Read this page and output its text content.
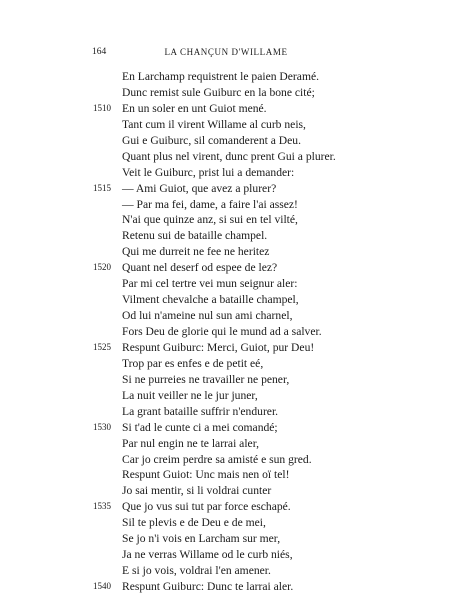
164	LA CHANÇUN D'WILLAME
En Larchamp requistrent le paien Deramé.
Dunc remist sule Guiburc en la bone cité;
1510 En un soler en unt Guiot mené.
Tant cum il virent Willame al curb neis,
Gui e Guiburc, sil comanderent a Deu.
Quant plus nel virent, dunc prent Gui a plurer.
Veit le Guiburc, prist lui a demander:
1515 — Ami Guiot, que avez a plurer?
— Par ma fei, dame, a faire l'ai assez!
N'ai que quinze anz, si sui en tel vilté,
Retenu sui de bataille champel.
Qui me durreit ne fee ne heritez
1520 Quant nel deserf od espee de lez?
Par mi cel tertre vei mun seignur aler:
Vilment chevalche a bataille champel,
Od lui n'ameine nul sun ami charnel,
Fors Deu de glorie qui le mund ad a salver.
1525 Respunt Guiburc: Merci, Guiot, pur Deu!
Trop par es enfes e de petit eé,
Si ne purreies ne travailler ne pener,
La nuit veiller ne le jur juner,
La grant bataille suffrir n'endurer.
1530 Si t'ad le cunte ci a mei comandé;
Par nul engin ne te larrai aler,
Car jo creim perdre sa amisté e sun gred.
Respunt Guiot: Unc mais nen oï tel!
Jo sai mentir, si li voldrai cunter
1535 Que jo vus sui tut par force eschapé.
Sil te plevis e de Deu e de mei,
Se jo n'i vois en Larcham sur mer,
Ja ne verras Willame od le curb niés,
E si jo vois, voldrai l'en amener.
1540 Respunt Guiburc: Dunc te larrai aler.
